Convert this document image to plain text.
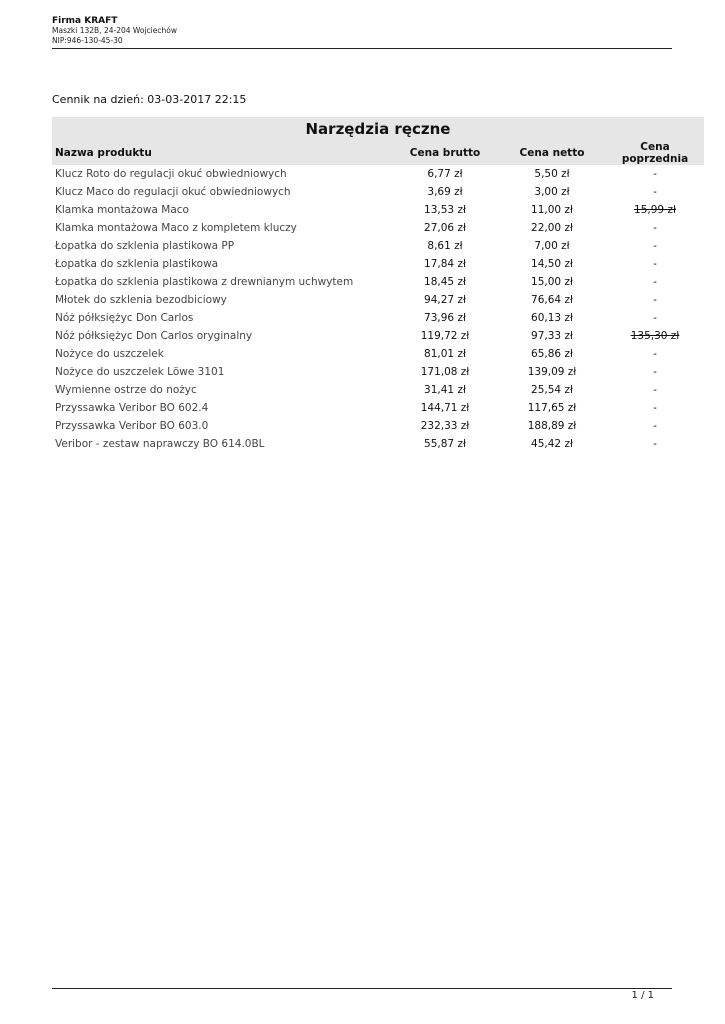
Firma KRAFT
Maszki 132B, 24-204 Wojciechów
NIP:946-130-45-30
Cennik na dzień: 03-03-2017 22:15
Narzędzia ręczne
Nazwa produktu	Cena brutto	Cena netto	Cena poprzednia
Klucz Roto do regulacji okuć obwiedniowych	6,77 zł	5,50 zł	-
Klucz Maco do regulacji okuć obwiedniowych	3,69 zł	3,00 zł	-
Klamka montażowa Maco	13,53 zł	11,00 zł	15,99 zł
Klamka montażowa Maco z kompletem kluczy	27,06 zł	22,00 zł	-
Łopatka do szklenia plastikowa PP	8,61 zł	7,00 zł	-
Łopatka do szklenia plastikowa	17,84 zł	14,50 zł	-
Łopatka do szklenia plastikowa z drewnianym uchwytem	18,45 zł	15,00 zł	-
Młotek do szklenia bezodbiciowy	94,27 zł	76,64 zł	-
Nóż półksiężyc Don Carlos	73,96 zł	60,13 zł	-
Nóż półksiężyc Don Carlos oryginalny	119,72 zł	97,33 zł	135,30 zł
Nożyce do uszczelek	81,01 zł	65,86 zł	-
Nożyce do uszczelek Löwe 3101	171,08 zł	139,09 zł	-
Wymienne ostrze do nożyc	31,41 zł	25,54 zł	-
Przyssawka Veribor BO 602.4	144,71 zł	117,65 zł	-
Przyssawka Veribor BO 603.0	232,33 zł	188,89 zł	-
Veribor - zestaw naprawczy BO 614.0BL	55,87 zł	45,42 zł	-
1 / 1
